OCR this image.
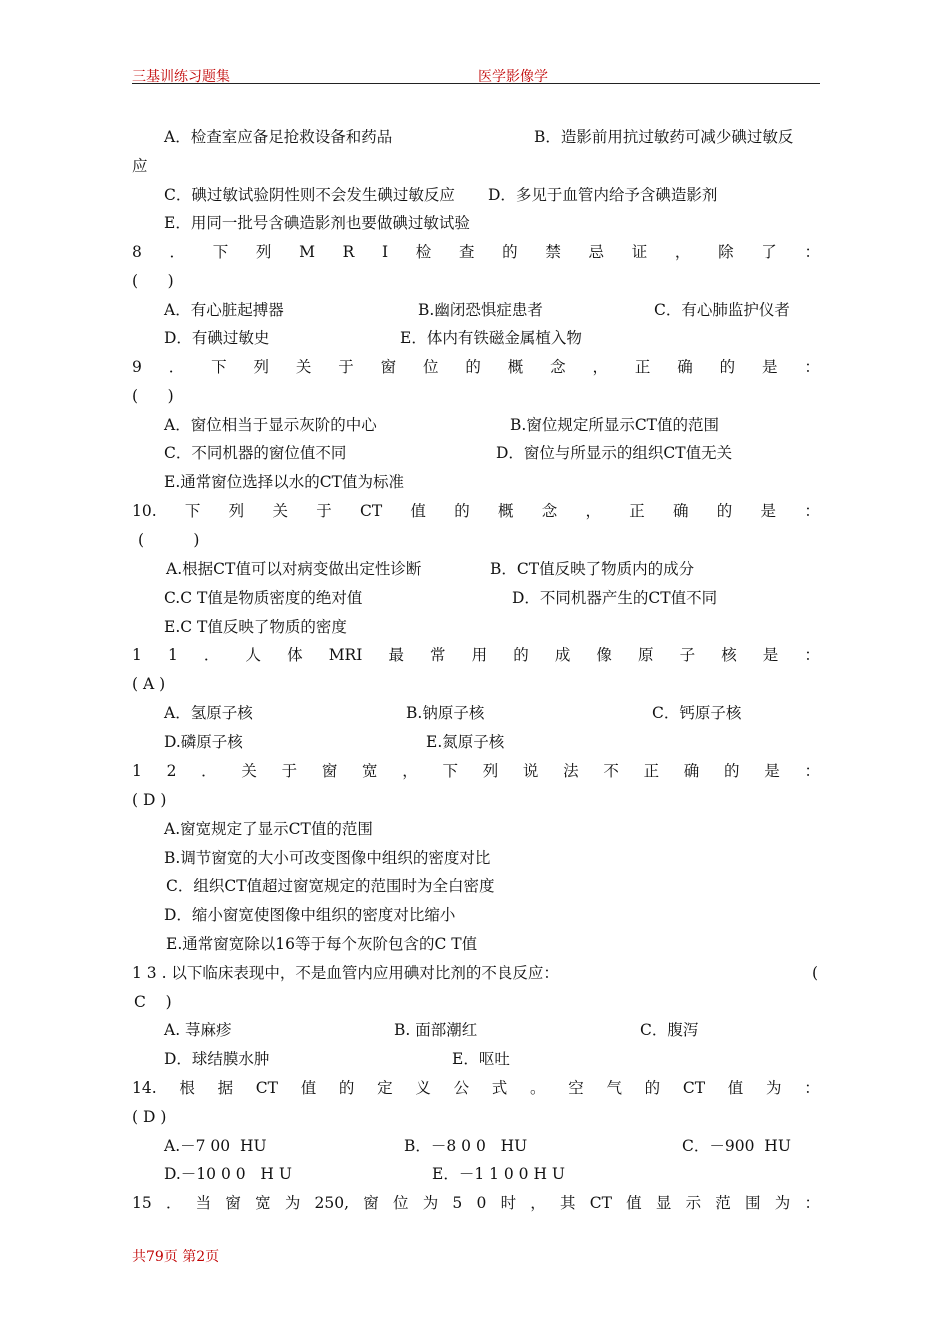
三基训练习题集	医学影像学
A．检查室应备足抢救设备和药品	B．造影前用抗过敏药可减少碘过敏反
应
C．碘过敏试验阴性则不会发生碘过敏反应 D．多见于血管内给予含碘造影剂
E．用同一批号含碘造影剂也要做碘过敏试验
8 ． 下 列 M R I 检 查 的 禁 忌 证 ， 除 了 ：
(      )
A．有心脏起搏器	B.幽闭恐惧症患者	C．有心肺监护仪者
D．有碘过敏史	E．体内有铁磁金属植入物
9 ． 下 列 关 于 窗 位 的 概 念 ， 正 确 的 是 ：
(      )
A．窗位相当于显示灰阶的中心	B.窗位规定所显示CT值的范围
C．不同机器的窗位值不同	D．窗位与所显示的组织CT值无关
E.通常窗位选择以水的CT值为标准
10. 下 列 关 于 CT 值 的 概 念 ， 正 确 的 是 ：
(          )
A.根据CT值可以对病变做出定性诊断	B．CT值反映了物质内的成分
C.C T值是物质密度的绝对值	D．不同机器产生的CT值不同
E.C T值反映了物质的密度
1 1 ． 人 体 MRI 最 常 用 的 成 像 原 子 核 是 ：
( A )
A．氢原子核	B.钠原子核	C．钙原子核
D.磷原子核	E.氮原子核
1 2 ． 关 于 窗 宽 ， 下 列 说 法 不 正 确 的 是 ：
( D )
A.窗宽规定了显示CT值的范围
B.调节窗宽的大小可改变图像中组织的密度对比
C．组织CT值超过窗宽规定的范围时为全白密度
D．缩小窗宽使图像中组织的密度对比缩小
E.通常窗宽除以16等于每个灰阶包含的C T值
1 3 . 以下临床表现中，不是血管内应用碘对比剂的不良反应：	(
C    )
A. 荨麻疹	B. 面部潮红	C．腹泻
D．球结膜水肿	E．呕吐
14. 根 据 CT 值 的 定 义 公 式 。 空 气 的 CT 值 为 ：
( D )
A.－7 00  HU	B．－8 0 0   HU	C．－900  HU
D.－10 0 0   H U	E．－1 1 0 0 H U
15 ． 当 窗 宽 为 250, 窗 位 为 5 0 时 ， 其 CT 值 显 示 范 围 为 ：
共79页 第2页
